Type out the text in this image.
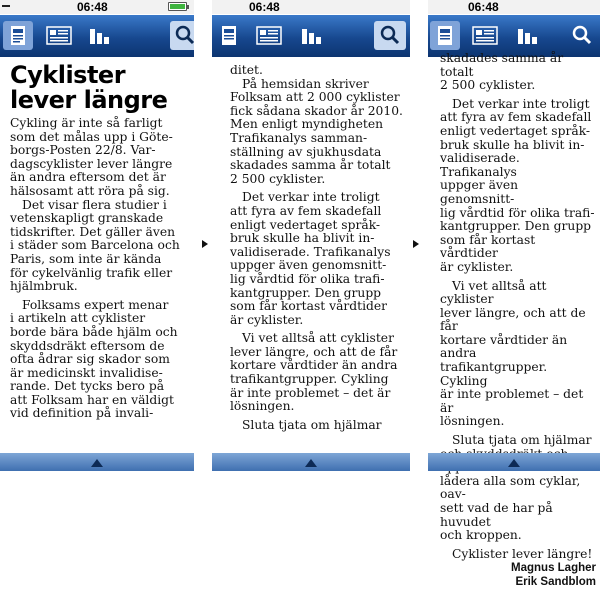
06:48
Cyklister
lever längre

Cykling är inte så farligt

som det målas upp i Göte-

borgs-Posten 22/8. Var-

dagscyklister lever längre

än andra eftersom det är

hälsosamt att röra på sig.

Det visar flera studier i

vetenskapligt granskade

tidskrifter. Det gäller även

i städer som Barcelona och

Paris, som inte är kända

för cykelvänlig trafik eller

hjälmbruk.

Folksams expert menar

i artikeln att cyklister

borde bära både hjälm och

skyddsdräkt eftersom de

ofta ådrar sig skador som

är medicinskt invalidise-

rande. Det tycks bero på

att Folksam har en väldigt

vid definition på invali-

06:48

ditet.

På hemsidan skriver

Folksam att 2 000 cyklister

fick sådana skador år 2010.

Men enligt myndigheten

Trafikanalys samman-

ställning av sjukhusdata

skadades samma år totalt

2 500 cyklister.

Det verkar inte troligt

att fyra av fem skadefall

enligt vedertaget språk-

bruk skulle ha blivit in-

validiserade. Trafikanalys

uppger även genomsnitt-

lig vårdtid för olika trafi-

kantgrupper. Den grupp

som får kortast vårdtider

är cyklister.

Vi vet alltså att cyklister

lever längre, och att de får

kortare vårdtider än andra

trafikantgrupper. Cykling

är inte problemet – det är

lösningen.

Sluta tjata om hjälmar

06:48

skadades samma år totalt

2 500 cyklister.

Det verkar inte troligt

att fyra av fem skadefall

enligt vedertaget språk-

bruk skulle ha blivit in-

validiserade. Trafikanalys

uppger även genomsnitt-

lig vårdtid för olika trafi-

kantgrupper. Den grupp

som får kortast vårdtider

är cyklister.

Vi vet alltså att cyklister

lever längre, och att de får

kortare vårdtider än andra

trafikantgrupper. Cykling

är inte problemet – det är

lösningen.

Sluta tjata om hjälmar

lådera alla som cyklar, oav-

sett vad de har på huvudet

och kroppen.

Cyklister lever längre!

Magnus Lagher
Erik Sandblom
